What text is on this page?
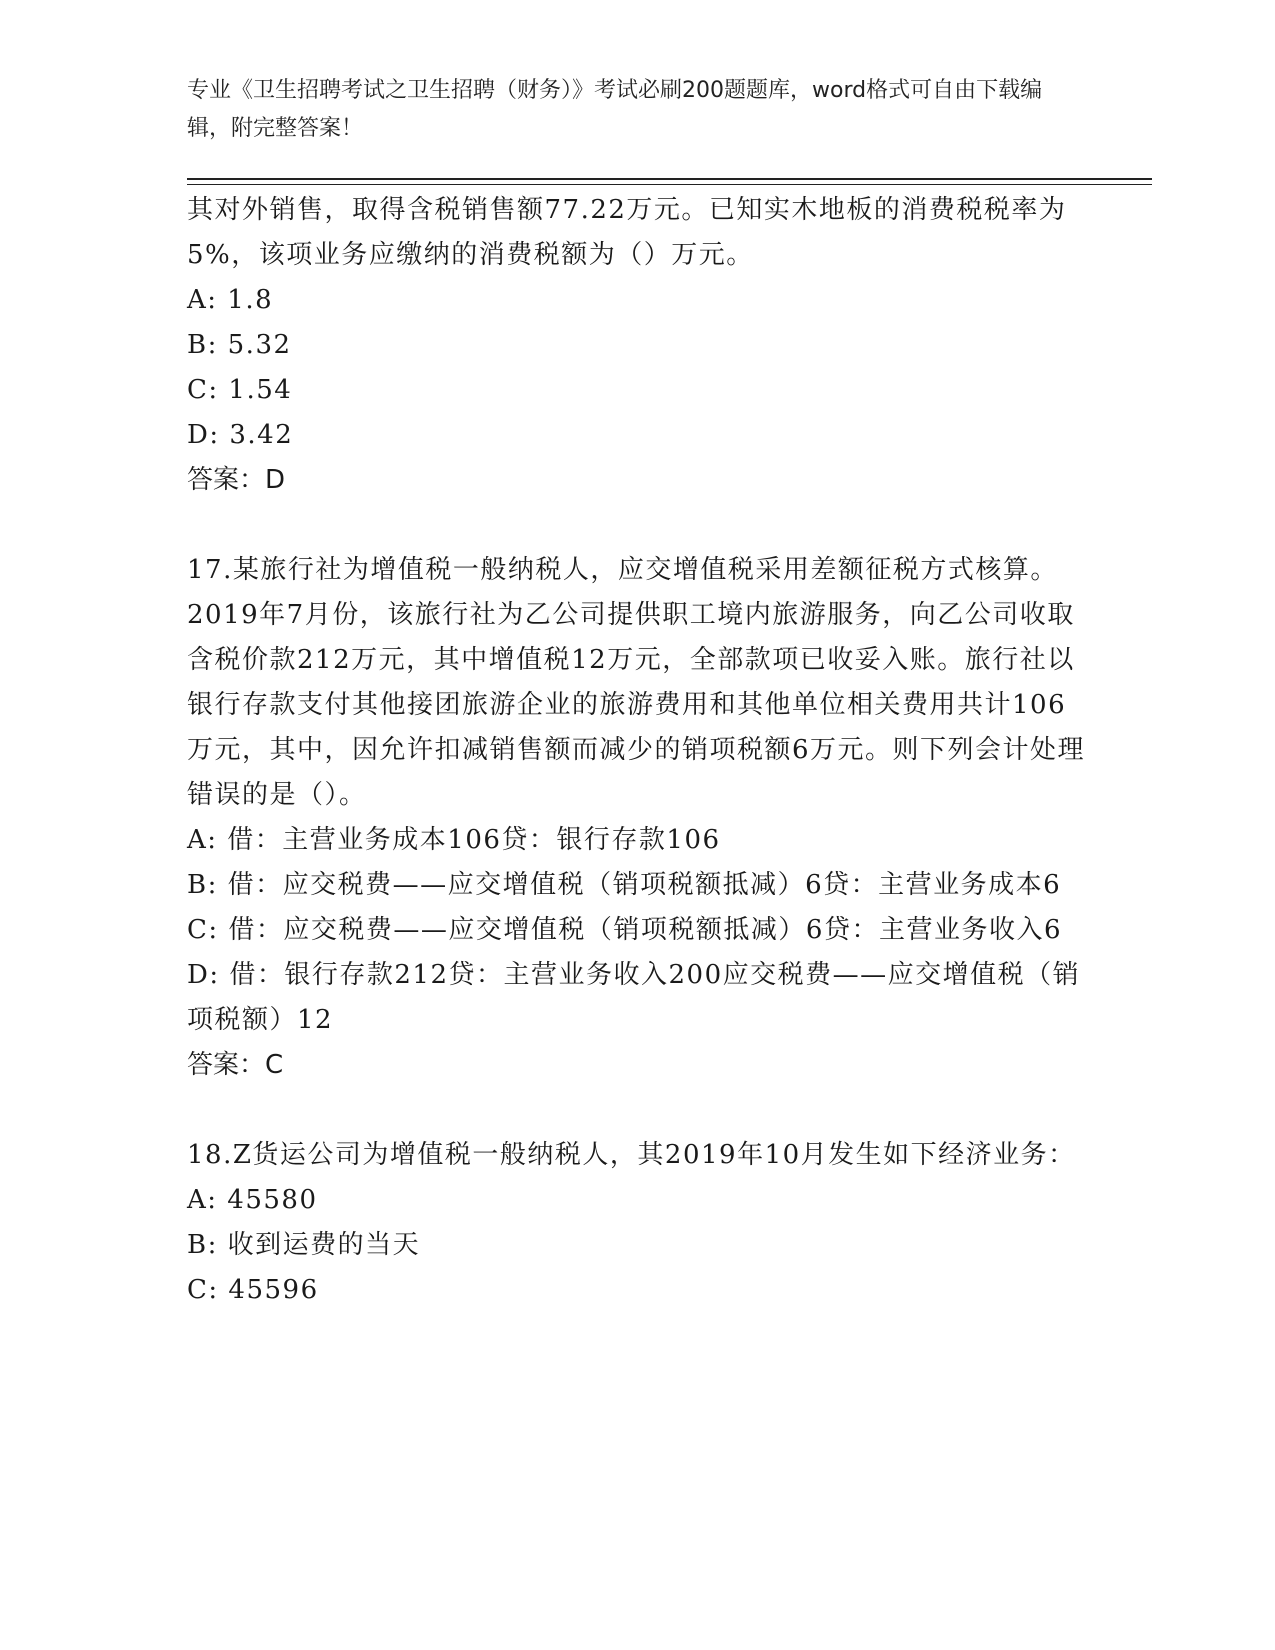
专业《卫生招聘考试之卫生招聘（财务）》考试必刷200题题库，word格式可自由下载编辑，附完整答案！

其对外销售，取得含税销售额77.22万元。已知实木地板的消费税税率为5%，该项业务应缴纳的消费税额为（）万元。

A: 1.8

B: 5.32

C: 1.54

D: 3.42

答案：D

17.某旅行社为增值税一般纳税人，应交增值税采用差额征税方式核算。2019年7月份，该旅行社为乙公司提供职工境内旅游服务，向乙公司收取含税价款212万元，其中增值税12万元，全部款项已收妥入账。旅行社以银行存款支付其他接团旅游企业的旅游费用和其他单位相关费用共计106万元，其中，因允许扣减销售额而减少的销项税额6万元。则下列会计处理错误的是（）。

A: 借：主营业务成本106贷：银行存款106

B: 借：应交税费——应交增值税（销项税额抵减）6贷：主营业务成本6

C: 借：应交税费——应交增值税（销项税额抵减）6贷：主营业务收入6

D: 借：银行存款212贷：主营业务收入200应交税费——应交增值税（销项税额）12

答案：C

18.Z货运公司为增值税一般纳税人，其2019年10月发生如下经济业务：

A: 45580

B: 收到运费的当天

C: 45596
